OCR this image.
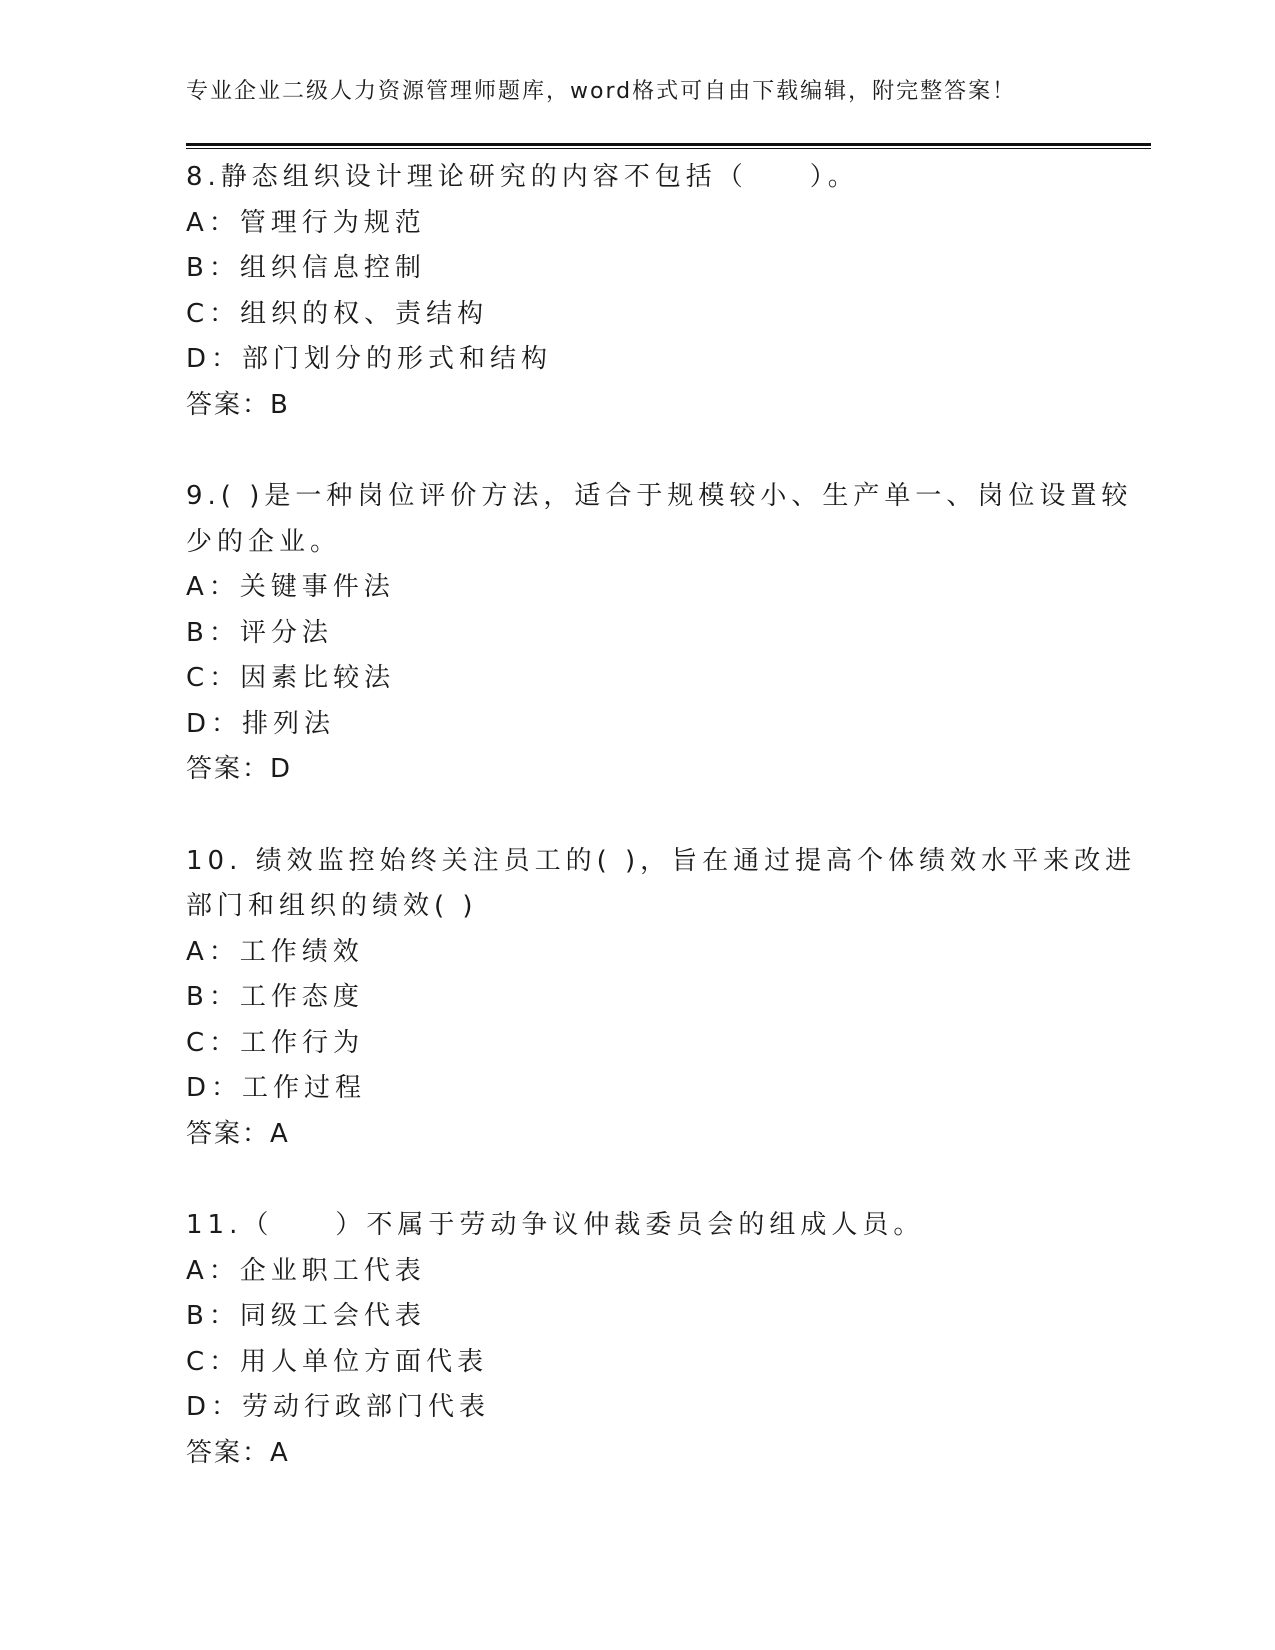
专业企业二级人力资源管理师题库，word格式可自由下载编辑，附完整答案！
8.静态组织设计理论研究的内容不包括（　　）。
A：管理行为规范
B：组织信息控制
C：组织的权、责结构
D：部门划分的形式和结构
答案：B
9.( )是一种岗位评价方法，适合于规模较小、生产单一、岗位设置较
少的企业。
A：关键事件法
B：评分法
C：因素比较法
D：排列法
答案：D
10. 绩效监控始终关注员工的( )，旨在通过提高个体绩效水平来改进
部门和组织的绩效( )
A：工作绩效
B：工作态度
C：工作行为
D：工作过程
答案：A
11.（　　）不属于劳动争议仲裁委员会的组成人员。
A：企业职工代表
B：同级工会代表
C：用人单位方面代表
D：劳动行政部门代表
答案：A
